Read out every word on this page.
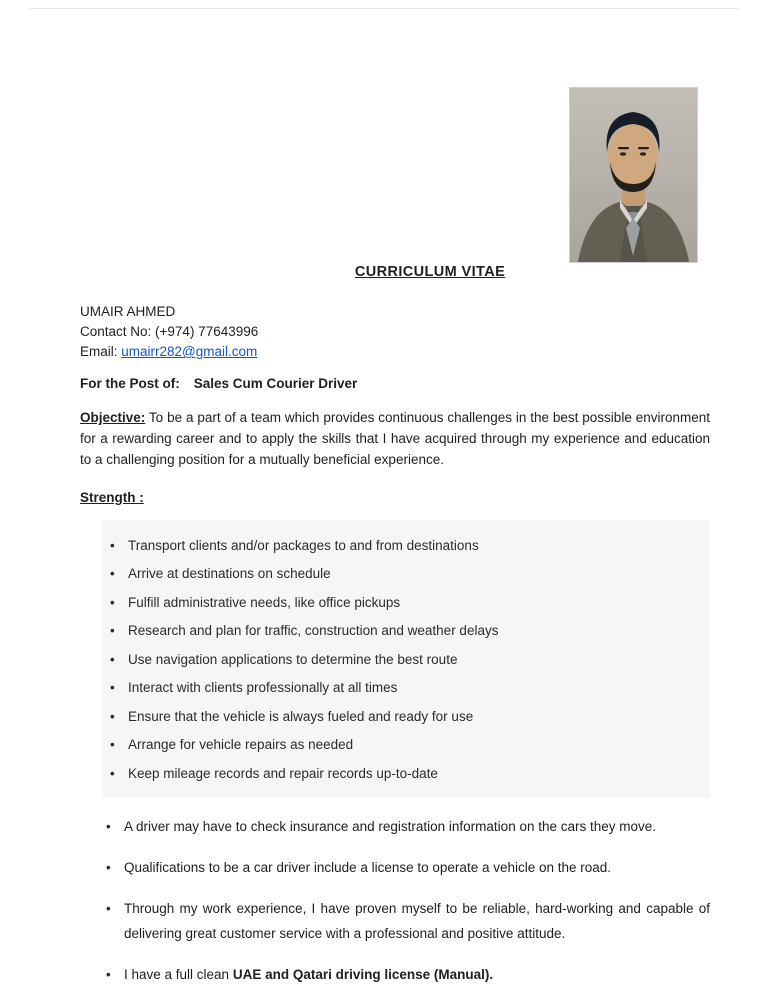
CURRICULUM VITAE

UMAIR AHMED

Contact No: (+974) 77643996

Email: umairr282@gmail.com

For the Post of: Sales Cum Courier Driver

Objective: To be a part of a team which provides continuous challenges in the best possible environment for a rewarding career and to apply the skills that I have acquired through my experience and education to a challenging position for a mutually beneficial experience.

Strength :

• Transport clients and/or packages to and from destinations
• Arrive at destinations on schedule
• Fulfill administrative needs, like office pickups
• Research and plan for traffic, construction and weather delays
• Use navigation applications to determine the best route
• Interact with clients professionally at all times
• Ensure that the vehicle is always fueled and ready for use
• Arrange for vehicle repairs as needed
• Keep mileage records and repair records up-to-date
• A driver may have to check insurance and registration information on the cars they move.
• Qualifications to be a car driver include a license to operate a vehicle on the road.
• Through my work experience, I have proven myself to be reliable, hard-working and capable of delivering great customer service with a professional and positive attitude.
• I have a full clean UAE and Qatari driving license (Manual).
